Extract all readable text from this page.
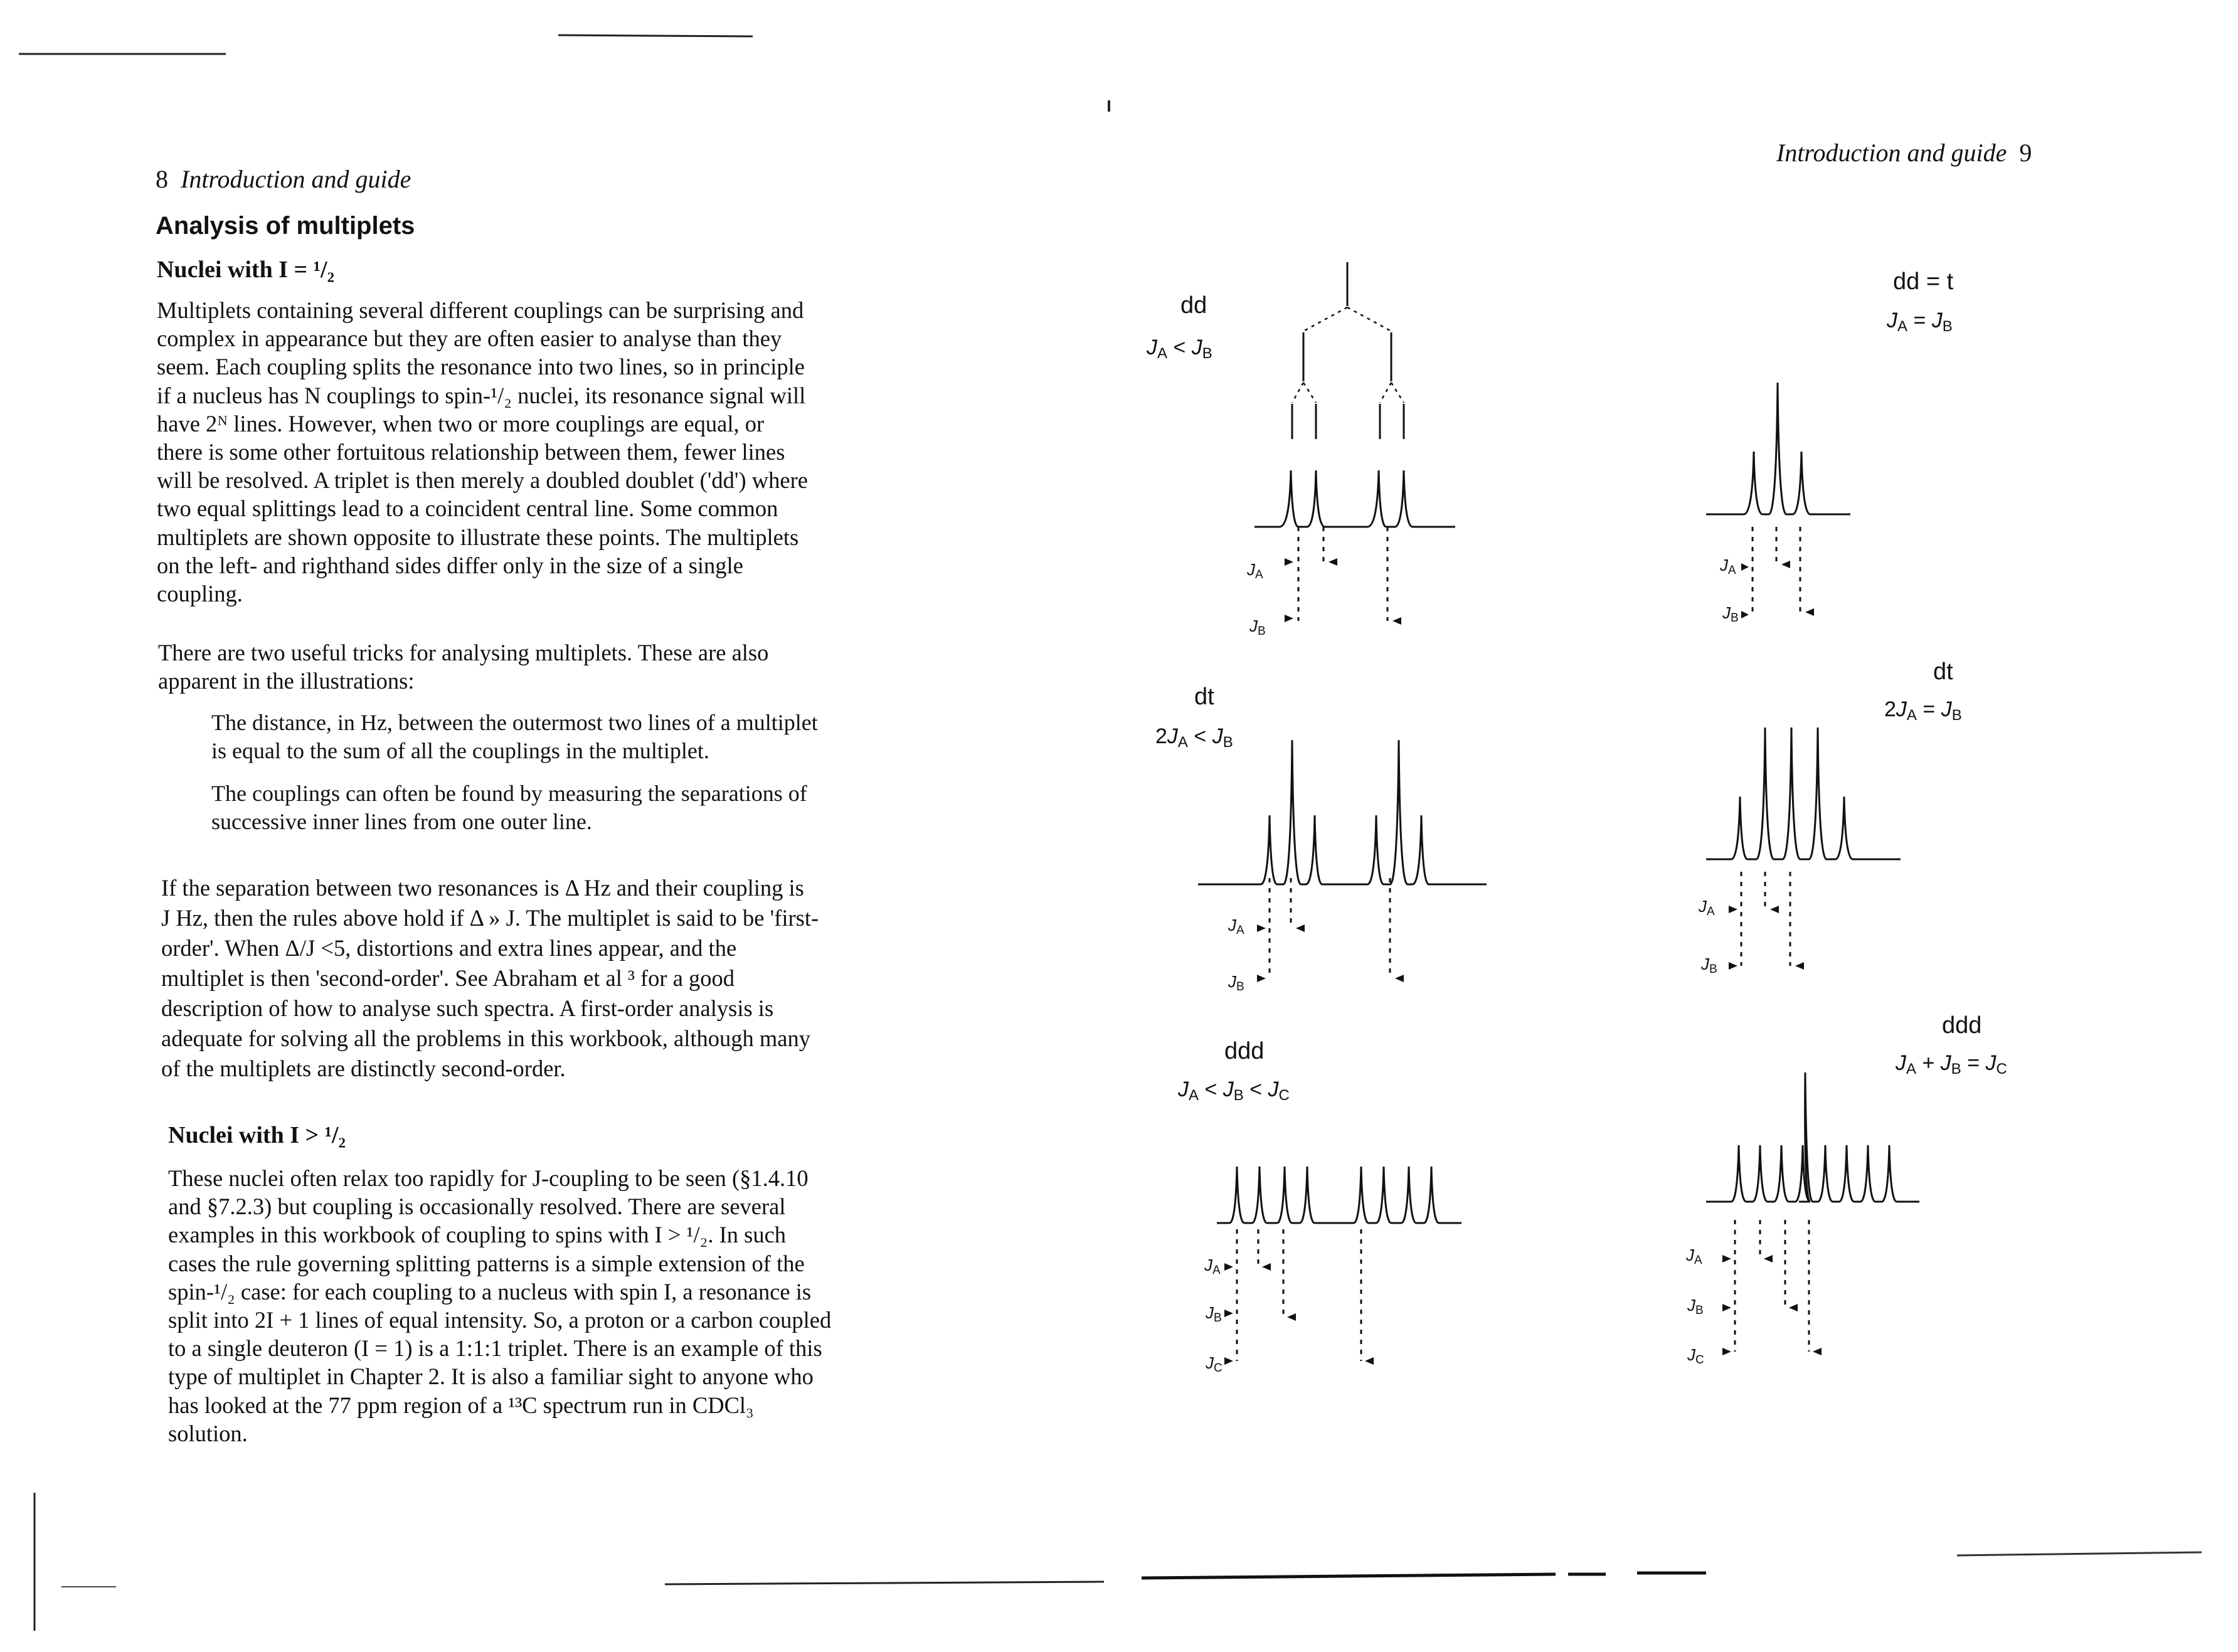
8 Introduction and guide
Analysis of multiplets
Nuclei with I = ¹/₂
Multiplets containing several different couplings can be surprising and
complex in appearance but they are often easier to analyse than they
seem. Each coupling splits the resonance into two lines, so in principle
if a nucleus has N couplings to spin-¹/₂ nuclei, its resonance signal will
have 2ᴺ lines. However, when two or more couplings are equal, or
there is some other fortuitous relationship between them, fewer lines
will be resolved. A triplet is then merely a doubled doublet ('dd') where
two equal splittings lead to a coincident central line. Some common
multiplets are shown opposite to illustrate these points. The multiplets
on the left- and righthand sides differ only in the size of a single
coupling.
There are two useful tricks for analysing multiplets. These are also
apparent in the illustrations:
The distance, in Hz, between the outermost two lines of a multiplet
is equal to the sum of all the couplings in the multiplet.
The couplings can often be found by measuring the separations of
successive inner lines from one outer line.
If the separation between two resonances is Δ Hz and their coupling is
J Hz, then the rules above hold if Δ » J. The multiplet is said to be 'first-
order'. When Δ/J <5, distortions and extra lines appear, and the
multiplet is then 'second-order'. See Abraham et al ³ for a good
description of how to analyse such spectra. A first-order analysis is
adequate for solving all the problems in this workbook, although many
of the multiplets are distinctly second-order.
Nuclei with I > ¹/₂
These nuclei often relax too rapidly for J-coupling to be seen (§1.4.10
and §7.2.3) but coupling is occasionally resolved. There are several
examples in this workbook of coupling to spins with I > ¹/₂. In such
cases the rule governing splitting patterns is a simple extension of the
spin-¹/₂ case: for each coupling to a nucleus with spin I, a resonance is
split into 2I + 1 lines of equal intensity. So, a proton or a carbon coupled
to a single deuteron (I = 1) is a 1:1:1 triplet. There is an example of this
type of multiplet in Chapter 2. It is also a familiar sight to anyone who
has looked at the 77 ppm region of a ¹³C spectrum run in CDCl₃
solution.
Introduction and guide 9
dd
$J_A < J_B$
$J_A$
$J_B$
dd = t
$J_A = J_B$
$J_A$
$J_B$
dt
$2J_A < J_B$
$J_A$
$J_B$
dt
$2J_A = J_B$
$J_A$
$J_B$
ddd
$J_A < J_B < J_C$
$J_A$
$J_B$
$J_C$
ddd
$J_A + J_B = J_C$
$J_A$
$J_B$
$J_C$
